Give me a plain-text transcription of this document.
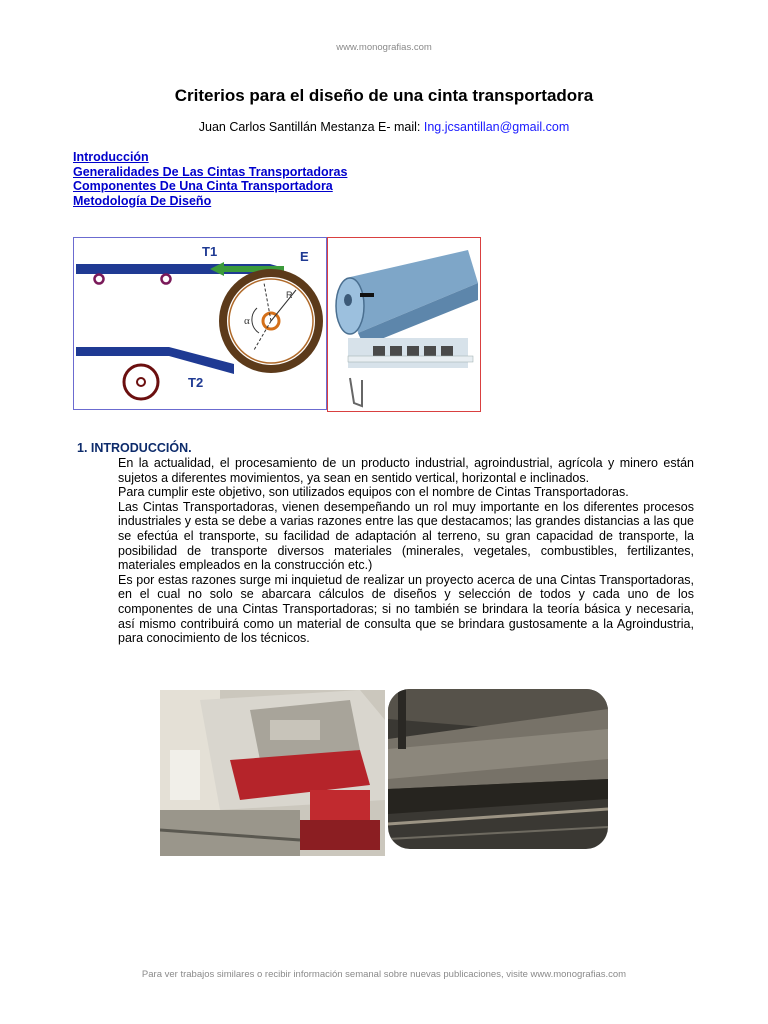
www.monografias.com
Criterios para el diseño de una cinta transportadora
Juan Carlos Santillán Mestanza E- mail: Ing.jcsantillan@gmail.com
Introducción
Generalidades De Las Cintas Transportadoras
Componentes De Una Cinta Transportadora
Metodología De Diseño
T1	E
R
α
T2
1. INTRODUCCIÓN.

En la actualidad, el procesamiento de un producto industrial, agroindustrial, agrícola y minero están sujetos a diferentes movimientos, ya sean en sentido vertical, horizontal e inclinados.

Para cumplir este objetivo, son utilizados equipos con el nombre de Cintas Transportadoras.

Las Cintas Transportadoras, vienen desempeñando un rol muy importante en los diferentes procesos industriales y esta se debe a varias razones entre las que destacamos; las grandes distancias a las que se efectúa el transporte, su facilidad de adaptación al terreno, su gran capacidad de transporte, la posibilidad de transporte diversos materiales (minerales, vegetales, combustibles, fertilizantes, materiales empleados en la construcción etc.)

Es por estas razones surge mi inquietud de realizar un proyecto acerca de una Cintas Transportadoras, en el cual no solo se abarcara cálculos de diseños y selección de todos y cada uno de los componentes de una Cintas Transportadoras; si no también se brindara la teoría básica y necesaria, así mismo contribuirá como un material de consulta que se brindara gustosamente a la Agroindustria, para conocimiento de los técnicos.

Para ver trabajos similares o recibir información semanal sobre nuevas publicaciones, visite www.monografias.com
